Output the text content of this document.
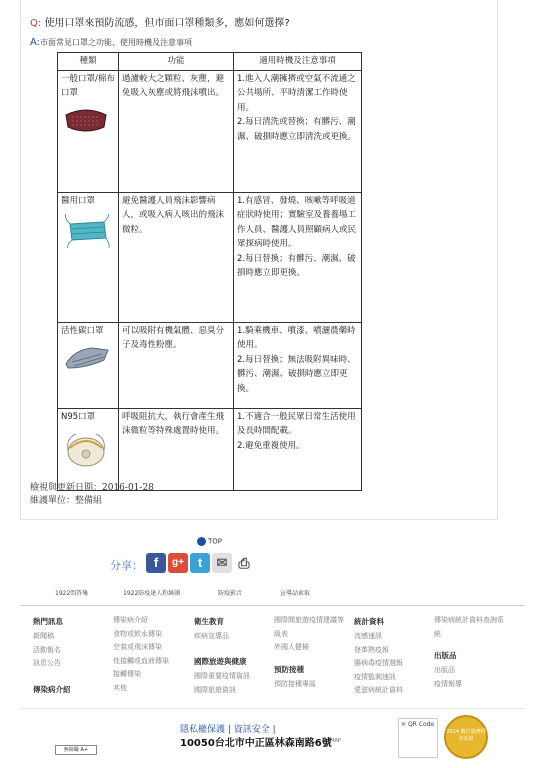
Q: 使用口罩來預防流感，但市面口罩種類多，應如何選擇?
A:市面常見口罩之功能、使用時機及注意事項
種類	功能	適用時機及注意事項

一般口罩/棉布口罩	過濾較大之顆粒、灰塵，避免吸入灰塵或將飛沫噴出。	1.進入人潮擁擠或空氣不流通之公共場所、平時清潔工作時使用。
2.每日清洗或替換；有髒污、潮濕、破損時應立即清洗或更換。

醫用口罩	避免醫護人員飛沫影響病人，或吸入病人咳出的飛沫微粒。	1.有感冒、發燒、咳嗽等呼吸道症狀時使用；實驗室及養養場工作人員、醫護人員照顧病人或民眾探病時使用。
2.每日替換；有髒污、潮濕、破損時應立即更換。

活性碳口罩	可以吸附有機氣體、惡臭分子及毒性粉塵。	1.騎乘機車、噴漆、噴灑農藥時使用。
2.每日替換；無法吸附異味時、髒污、潮濕、破損時應立即更換。

N95口罩	呼吸阻抗大，執行會產生飛沫微粒等特殊處置時使用。	1.不適合一般民眾日常生活使用及長時間配載。
2.避免重複使用。
檢視與更新日期：2016-01-28
維護單位：整備組
TOP
分享： f	g+	t	✉ ⎙
1922問答集	1922防疫達人粉絲團	防疫影音	宣導品索取
熱門訊息
新聞稿
活動報名
訊息公告
傳染病介紹
傳染病介紹
食物或飲水傳染
空氣或飛沫傳染
性接觸或血液傳染
接觸傳染
其他
衛生教育
疾病宣導品
國際旅遊與健康
國際重要疫情資訊
國際旅遊資訊
國際間旅遊疫情建議等級表
外國人健檢
預防接種
預防接種專區
統計資料
流感速訊
登革熱疫報
腸病毒疫情週報
疫情監測速訊
愛滋病統計資料
傳染病統計資料查詢系統
出版品
出版品
疫情報導
隱私權保護 | 資訊安全 |
10050台北市中正區林森南路6號
MAP
✕ QR Code
2014 數位服務標章認證
無障礙 A+
